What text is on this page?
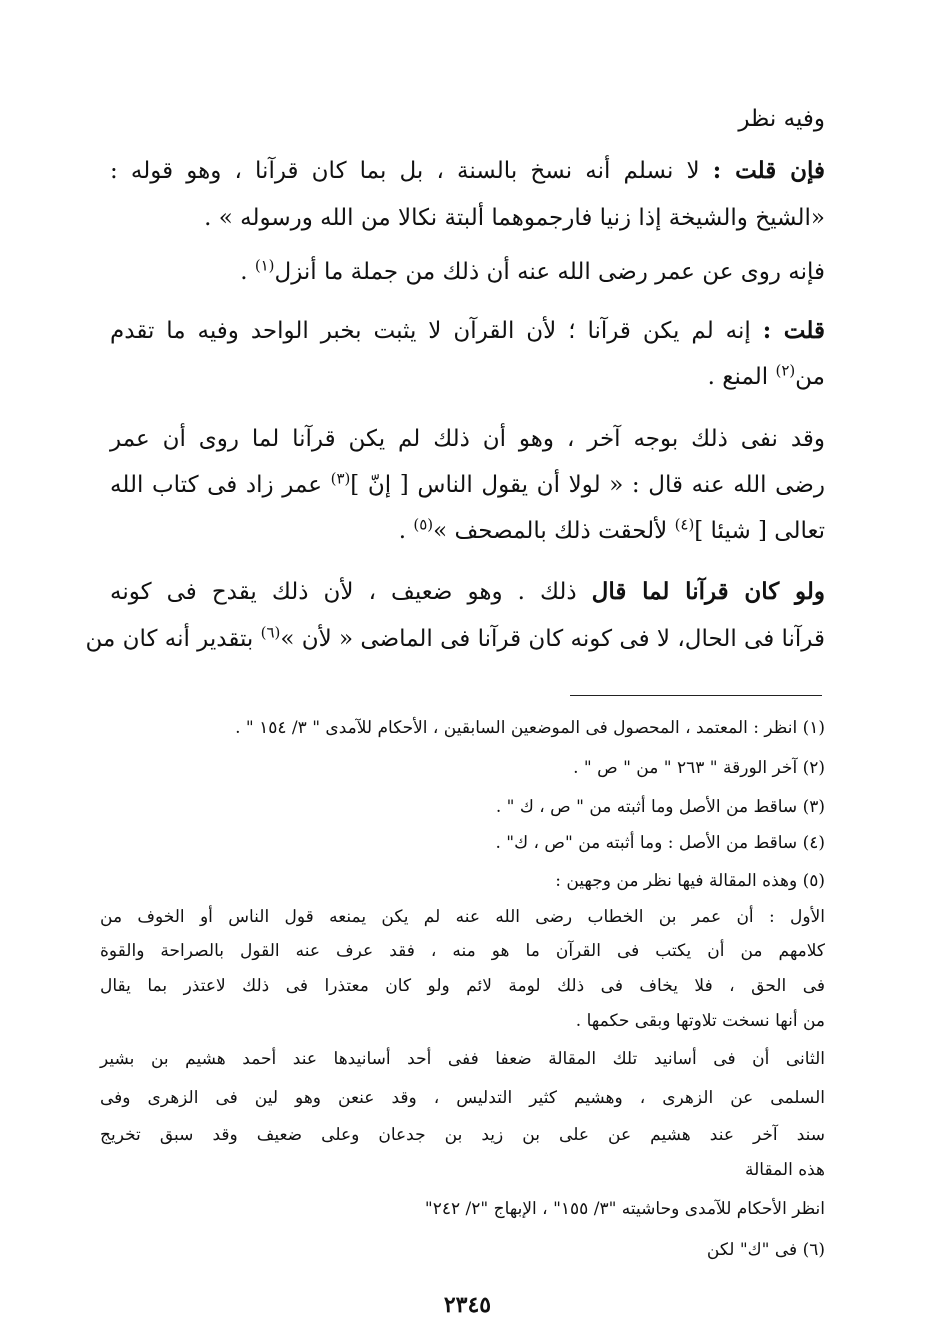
وفيه نظر
فإن قلت : لا نسلم أنه نسخ بالسنة ، بل بما كان قرآنا ، وهو قوله :
«الشيخ والشيخة إذا زنيا فارجموهما ألبتة نكالا من الله ورسوله » .
فإنه روى عن عمر رضى الله عنه أن ذلك من جملة ما أنزل$^{(١)}$ .
قلت : إنه لم يكن قرآنا ؛ لأن القرآن لا يثبت بخبر الواحد وفيه ما تقدم
من$^{(٢)}$ المنع .
وقد نفى ذلك بوجه آخر ، وهو أن ذلك لم يكن قرآنا لما روى أن عمر
رضى الله عنه قال : « لولا أن يقول الناس [ إنّ ]$^{(٣)}$ عمر زاد فى كتاب الله
تعالى [ شيئا ]$^{(٤)}$ لألحقت ذلك بالمصحف »$^{(٥)}$ .
ولو كان قرآنا لما قال ذلك . وهو ضعيف ، لأن ذلك يقدح فى كونه
قرآنا فى الحال، لا فى كونه كان قرآنا فى الماضى « لأن »$^{(٦)}$ بتقدير أنه كان من
(١) انظر : المعتمد ، المحصول فى الموضعين السابقين ، الأحكام للآمدى " ٣/ ١٥٤ " .
(٢) آخر الورقة " ٢٦٣ " من " ص " .
(٣) ساقط من الأصل وما أثبته من " ص ، ك " .
(٤) ساقط من الأصل : وما أثبته من "ص ، ك" .
(٥) وهذه المقالة فيها نظر من وجهين :
الأول : أن عمر بن الخطاب رضى الله عنه لم يكن يمنعه قول الناس أو الخوف من
كلامهم من أن يكتب فى القرآن ما هو منه ، فقد عرف عنه القول بالصراحة والقوة
فى الحق ، فلا يخاف فى ذلك لومة لائم ولو كان معتذرا فى ذلك لاعتذر بما يقال
من أنها نسخت تلاوتها وبقى حكمها .
الثانى أن فى أسانيد تلك المقالة ضعفا ففى أحد أسانيدها عند أحمد هشيم بن بشير
السلمى عن الزهرى ، وهشيم كثير التدليس ، وقد عنعن وهو لين فى الزهرى وفى
سند آخر عند هشيم عن على بن زيد بن جدعان وعلى ضعيف وقد سبق تخريج
هذه المقالة
انظر الأحكام للآمدى وحاشيته "٣/ ١٥٥" ، الإبهاج "٢/ ٢٤٢"
(٦) فى "ك" لكن
٢٣٤٥
